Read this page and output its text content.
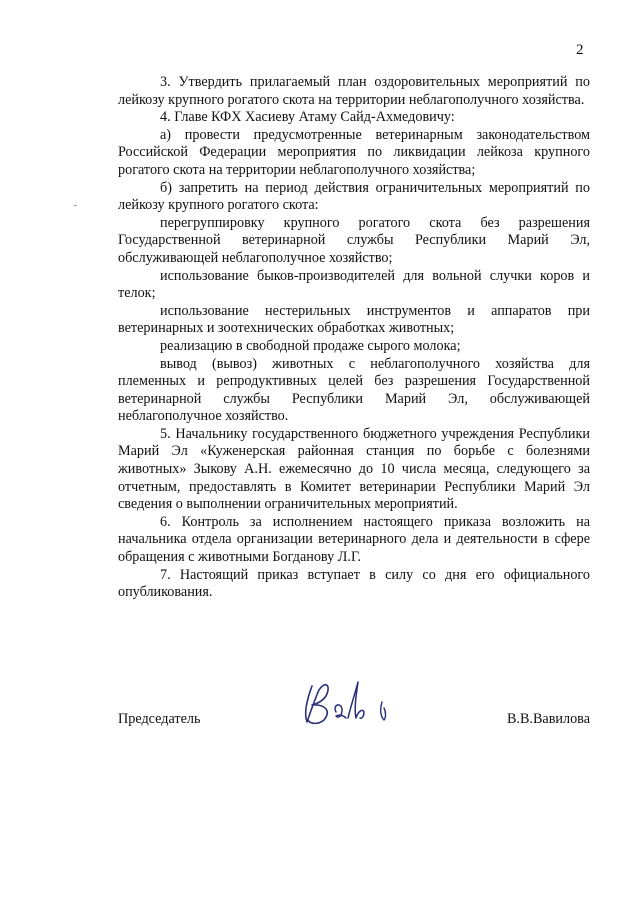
2

3. Утвердить прилагаемый план оздоровительных мероприятий по лейкозу крупного рогатого скота на территории неблагополучного хозяйства.

4. Главе КФХ Хасиеву Атаму Сайд-Ахмедовичу:

а) провести предусмотренные ветеринарным законодательством Российской Федерации мероприятия по ликвидации лейкоза крупного рогатого скота на территории неблагополучного хозяйства;

б) запретить на период действия ограничительных мероприятий по лейкозу крупного рогатого скота:

перегруппировку крупного рогатого скота без разрешения Государственной ветеринарной службы Республики Марий Эл, обслуживающей неблагополучное хозяйство;

использование быков-производителей для вольной случки коров и телок;

использование нестерильных инструментов и аппаратов при ветеринарных и зоотехнических обработках животных;

реализацию в свободной продаже сырого молока;

вывод (вывоз) животных с неблагополучного хозяйства для племенных и репродуктивных целей без разрешения Государственной ветеринарной службы Республики Марий Эл, обслуживающей неблагополучное хозяйство.

5. Начальнику государственного бюджетного учреждения Республики Марий Эл «Куженерская районная станция по борьбе с болезнями животных» Зыкову А.Н. ежемесячно до 10 числа месяца, следующего за отчетным, предоставлять в Комитет ветеринарии Республики Марий Эл сведения о выполнении ограничительных мероприятий.

6. Контроль за исполнением настоящего приказа возложить на начальника отдела организации ветеринарного дела и деятельности в сфере обращения с животными Богданову Л.Г.

7. Настоящий приказ вступает в силу со дня его официального опубликования.

Председатель	В.В.Вавилова
